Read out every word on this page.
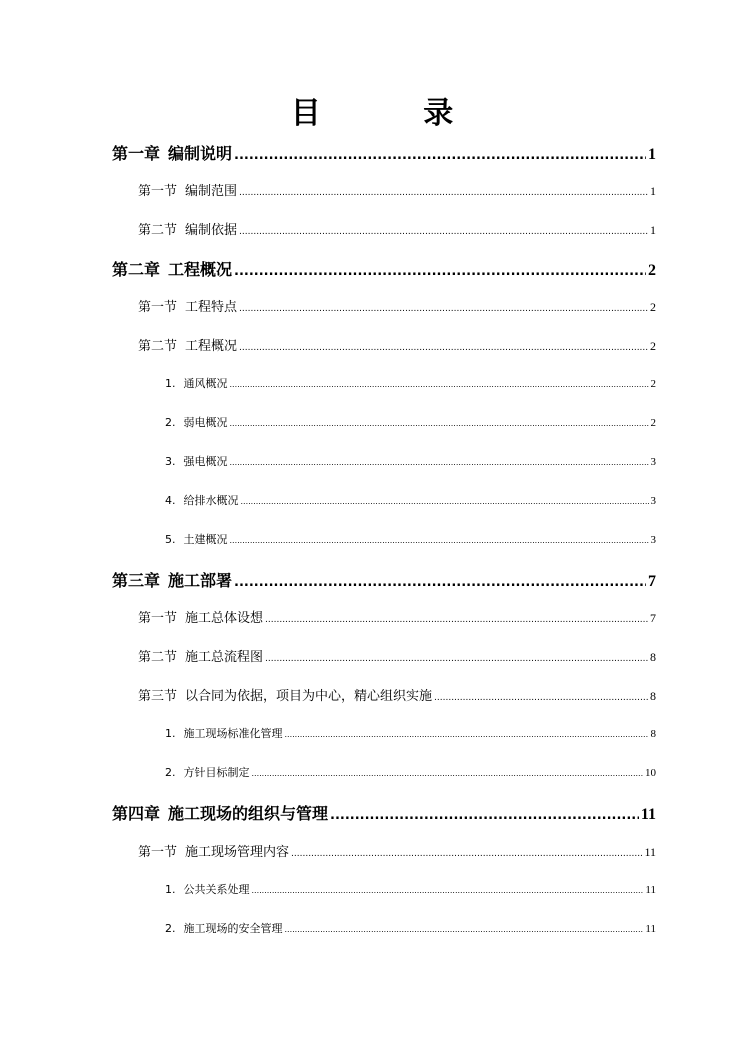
目 录
第一章 编制说明 .....	1
第一节 编制范围 .....	1
第二节 编制依据 .....	1
第二章 工程概况 .....	2
第一节 工程特点 .....	2
第二节 工程概况 .....	2
1. 通风概况 .....	2
2. 弱电概况 .....	2
3. 强电概况 .....	3
4. 给排水概况 .....	3
5. 土建概况 .....	3
第三章 施工部署 .....	7
第一节 施工总体设想 .....	7
第二节 施工总流程图 .....	8
第三节 以合同为依据，项目为中心，精心组织实施 .....	8
1. 施工现场标准化管理 .....	8
2. 方针目标制定 .....	10
第四章 施工现场的组织与管理 .....	11
第一节 施工现场管理内容 .....	11
1. 公共关系处理 .....	11
2. 施工现场的安全管理 .....	11
